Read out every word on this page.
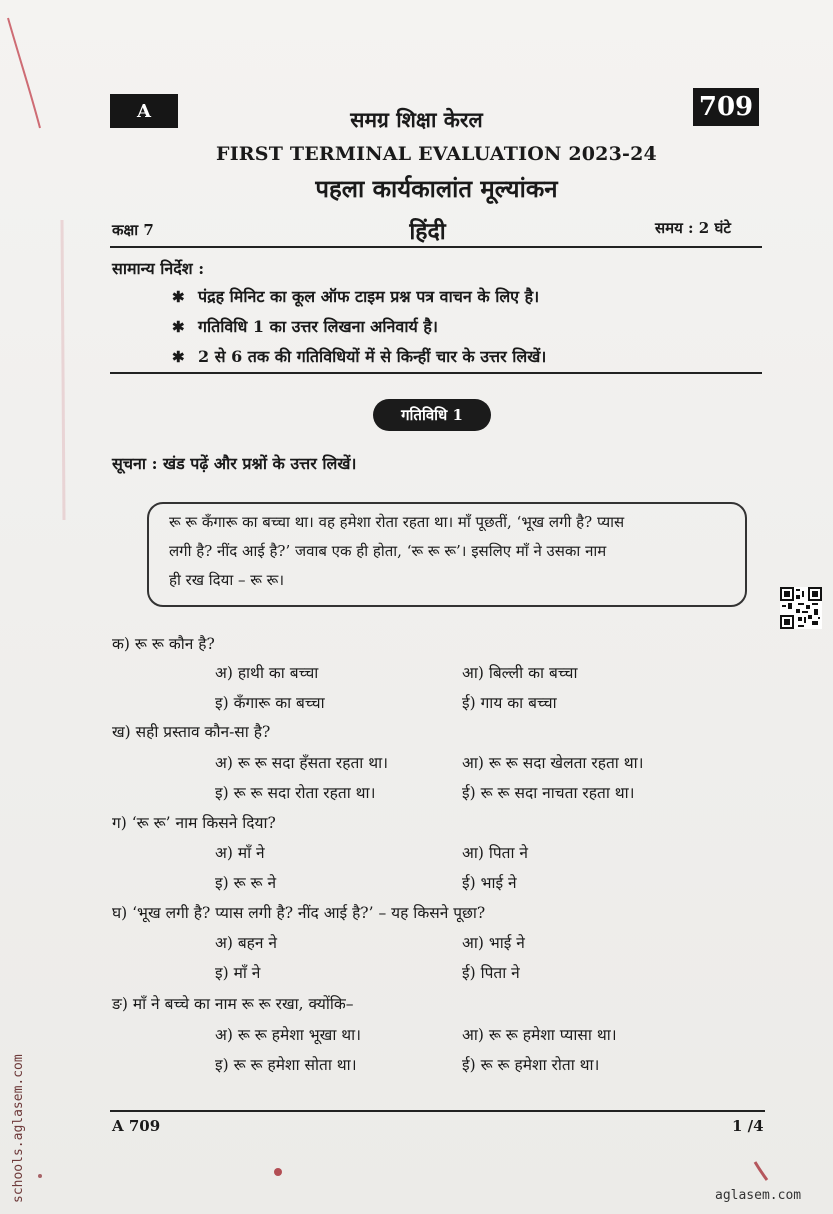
A	709
समग्र शिक्षा केरल
FIRST TERMINAL EVALUATION 2023-24
पहला कार्यकालांत मूल्यांकन
कक्षा 7	हिंदी	समय : 2 घंटे
सामान्य निर्देश :
✱ पंद्रह मिनिट का कूल ऑफ टाइम प्रश्न पत्र वाचन के लिए है।
✱ गतिविधि 1 का उत्तर लिखना अनिवार्य है।
✱ 2 से 6 तक की गतिविधियों में से किन्हीं चार के उत्तर लिखें।
गतिविधि 1
सूचना : खंड पढ़ें और प्रश्नों के उत्तर लिखें।
रू रू कँगारू का बच्चा था। वह हमेशा रोता रहता था। माँ पूछतीं, ‘भूख लगी है? प्यास
लगी है? नींद आई है?’ जवाब एक ही होता, ‘रू रू रू’। इसलिए माँ ने उसका नाम
ही रख दिया – रू रू।
क) रू रू कौन है?
अ) हाथी का बच्चा	आ) बिल्ली का बच्चा
इ) कँगारू का बच्चा	ई) गाय का बच्चा
ख) सही प्रस्ताव कौन-सा है?
अ) रू रू सदा हँसता रहता था।	आ) रू रू सदा खेलता रहता था।
इ) रू रू सदा रोता रहता था।	ई) रू रू सदा नाचता रहता था।
ग) ‘रू रू’ नाम किसने दिया?
अ) माँ ने	आ) पिता ने
इ) रू रू ने	ई) भाई ने
घ) ‘भूख लगी है? प्यास लगी है? नींद आई है?’ – यह किसने पूछा?
अ) बहन ने	आ) भाई ने
इ) माँ ने	ई) पिता ने
ङ) माँ ने बच्चे का नाम रू रू रखा, क्योंकि–
अ) रू रू हमेशा भूखा था।	आ) रू रू हमेशा प्यासा था।
इ) रू रू हमेशा सोता था।	ई) रू रू हमेशा रोता था।
A 709	1 /4
schools.aglasem.com	aglasem.com
